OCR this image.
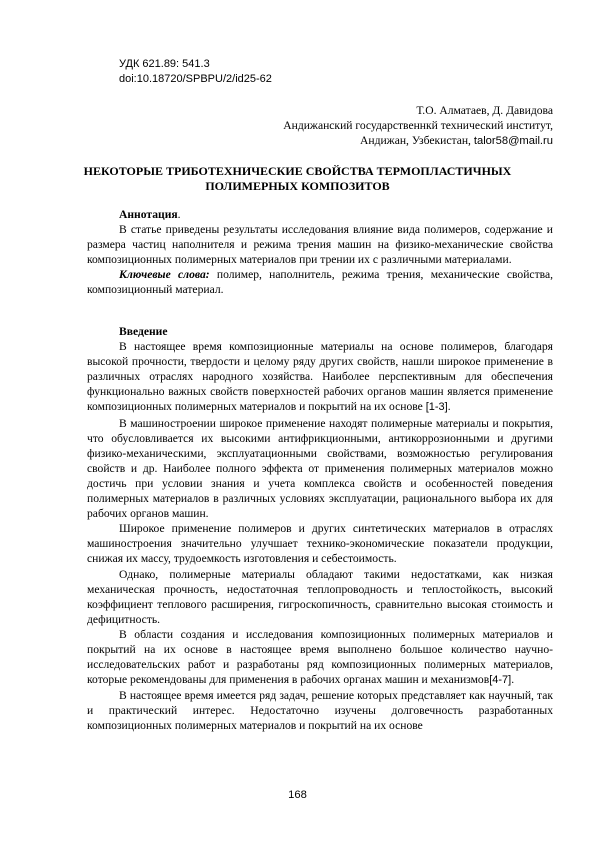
УДК 621.89: 541.3
doi:10.18720/SPBPU/2/id25-62
Т.О. Алматаев, Д. Давидова
Андижанский государственнкй технический институт,
Андижан, Узбекистан, talor58@mail.ru
НЕКОТОРЫЕ ТРИБОТЕХНИЧЕСКИЕ СВОЙСТВА ТЕРМОПЛАСТИЧНЫХ
ПОЛИМЕРНЫХ КОМПОЗИТОВ

Аннотация.

В статье приведены результаты исследования влияние вида полимеров, содержание и размера частиц наполнителя и режима трения машин на физико-механические свойства композиционных полимерных материалов при трении их с различными материалами.

Ключевые слова: полимер, наполнитель, режима трения, механические свойства, композиционный материал.

Введение

В настоящее время композиционные материалы на основе полимеров, благодаря высокой прочности, твердости и целому ряду других свойств, нашли широкое применение в различных отраслях народного хозяйства. Наиболее перспективным для обеспечения функционально важных свойств поверхностей рабочих органов машин является применение композиционных полимерных материалов и покрытий на их основе [1-3].

В машиностроении широкое применение находят полимерные материалы и покрытия, что обусловливается их высокими антифрикционными, антикоррозионными и другими физико-механическими, эксплуатационными свойствами, возможностью регулирования свойств и др. Наиболее полного эффекта от применения полимерных материалов можно достичь при условии знания и учета комплекса свойств и особенностей поведения полимерных материалов в различных условиях эксплуатации, рационального выбора их для рабочих органов машин.

Широкое применение полимеров и других синтетических материалов в отраслях машиностроения значительно улучшает технико-экономические показатели продукции, снижая их массу, трудоемкость изготовления и себестоимость.

Однако, полимерные материалы обладают такими недостатками, как низкая механическая прочность, недостаточная теплопроводность и теплостойкость, высокий коэффициент теплового расширения, гигроскопичность, сравнительно высокая стоимость и дефицитность.

В области создания и исследования композиционных полимерных материалов и покрытий на их основе в настоящее время выполнено большое количество научно-исследовательских работ и разработаны ряд композиционных полимерных материалов, которые рекомендованы для применения в рабочих органах машин и механизмов[4-7].

В настоящее время имеется ряд задач, решение которых представляет как научный, так и практический интерес. Недостаточно изучены долговечность разработанных композиционных полимерных материалов и покрытий на их основе

168
